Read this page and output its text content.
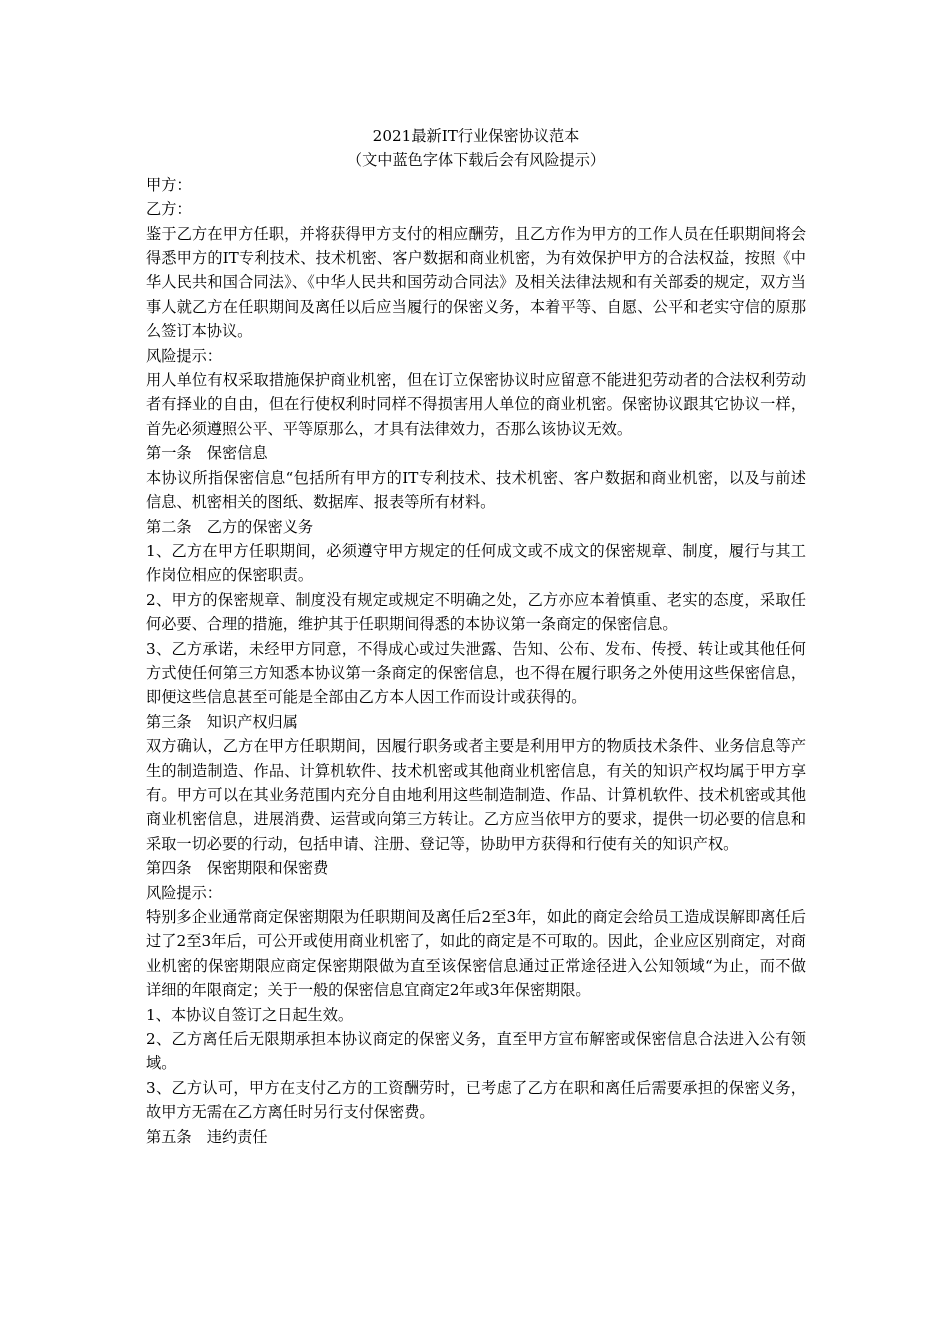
2021最新IT行业保密协议范本

（文中蓝色字体下载后会有风险提示）

甲方：

乙方：

鉴于乙方在甲方任职，并将获得甲方支付的相应酬劳，且乙方作为甲方的工作人员在任职期间将会得悉甲方的IT专利技术、技术机密、客户数据和商业机密，为有效保护甲方的合法权益，按照《中华人民共和国合同法》、《中华人民共和国劳动合同法》及相关法律法规和有关部委的规定，双方当事人就乙方在任职期间及离任以后应当履行的保密义务，本着平等、自愿、公平和老实守信的原那么签订本协议。

风险提示：

用人单位有权采取措施保护商业机密，但在订立保密协议时应留意不能进犯劳动者的合法权利劳动者有择业的自由，但在行使权利时同样不得损害用人单位的商业机密。保密协议跟其它协议一样，首先必须遵照公平、平等原那么，才具有法律效力，否那么该协议无效。

第一条　保密信息

本协议所指保密信息“包括所有甲方的IT专利技术、技术机密、客户数据和商业机密，以及与前述信息、机密相关的图纸、数据库、报表等所有材料。

第二条　乙方的保密义务

1、乙方在甲方任职期间，必须遵守甲方规定的任何成文或不成文的保密规章、制度，履行与其工作岗位相应的保密职责。

2、甲方的保密规章、制度没有规定或规定不明确之处，乙方亦应本着慎重、老实的态度，采取任何必要、合理的措施，维护其于任职期间得悉的本协议第一条商定的保密信息。

3、乙方承诺，未经甲方同意，不得成心或过失泄露、告知、公布、发布、传授、转让或其他任何方式使任何第三方知悉本协议第一条商定的保密信息，也不得在履行职务之外使用这些保密信息，即便这些信息甚至可能是全部由乙方本人因工作而设计或获得的。

第三条　知识产权归属

双方确认，乙方在甲方任职期间，因履行职务或者主要是利用甲方的物质技术条件、业务信息等产生的制造制造、作品、计算机软件、技术机密或其他商业机密信息，有关的知识产权均属于甲方享有。甲方可以在其业务范围内充分自由地利用这些制造制造、作品、计算机软件、技术机密或其他商业机密信息，进展消费、运营或向第三方转让。乙方应当依甲方的要求，提供一切必要的信息和采取一切必要的行动，包括申请、注册、登记等，协助甲方获得和行使有关的知识产权。

第四条　保密期限和保密费

风险提示：

特别多企业通常商定保密期限为任职期间及离任后2至3年，如此的商定会给员工造成误解即离任后过了2至3年后，可公开或使用商业机密了，如此的商定是不可取的。因此，企业应区别商定，对商业机密的保密期限应商定保密期限做为直至该保密信息通过正常途径进入公知领域“为止，而不做详细的年限商定；关于一般的保密信息宜商定2年或3年保密期限。

1、本协议自签订之日起生效。

2、乙方离任后无限期承担本协议商定的保密义务，直至甲方宣布解密或保密信息合法进入公有领域。

3、乙方认可，甲方在支付乙方的工资酬劳时，已考虑了乙方在职和离任后需要承担的保密义务，故甲方无需在乙方离任时另行支付保密费。

第五条　违约责任
